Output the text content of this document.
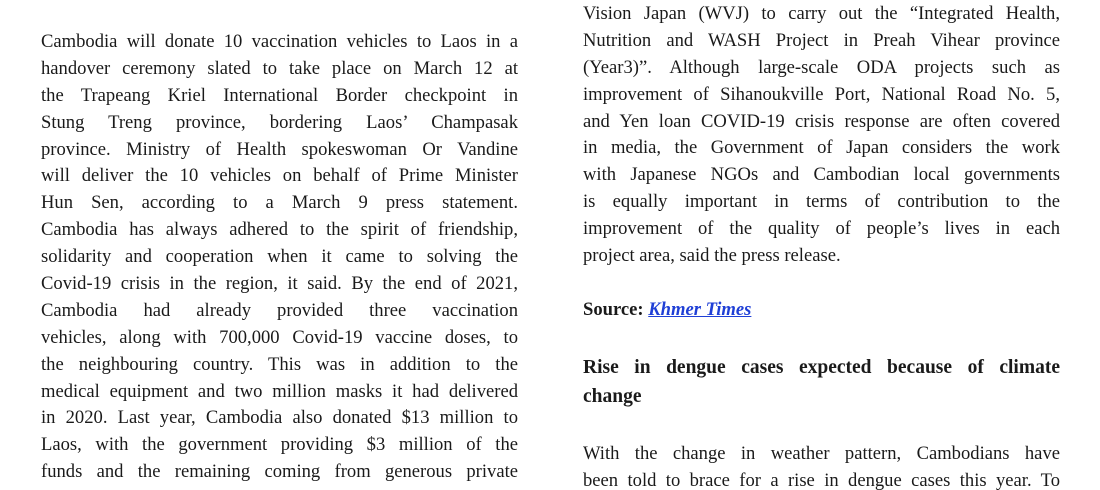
Cambodia will donate 10 vaccination vehicles to Laos in a
handover ceremony slated to take place on March 12 at
the Trapeang Kriel International Border checkpoint in
Stung Treng province, bordering Laos’ Champasak
province. Ministry of Health spokeswoman Or Vandine
will deliver the 10 vehicles on behalf of Prime Minister
Hun Sen, according to a March 9 press statement.
Cambodia has always adhered to the spirit of friendship,
solidarity and cooperation when it came to solving the
Covid-19 crisis in the region, it said. By the end of 2021,
Cambodia had already provided three vaccination
vehicles, along with 700,000 Covid-19 vaccine doses, to
the neighbouring country. This was in addition to the
medical equipment and two million masks it had delivered
in 2020. Last year, Cambodia also donated $13 million to
Laos, with the government providing $3 million of the
funds and the remaining coming from generous private
Vision Japan (WVJ) to carry out the “Integrated Health,
Nutrition and WASH Project in Preah Vihear province
(Year3)”. Although large-scale ODA projects such as
improvement of Sihanoukville Port, National Road No. 5,
and Yen loan COVID-19 crisis response are often covered
in media, the Government of Japan considers the work
with Japanese NGOs and Cambodian local governments
is equally important in terms of contribution to the
improvement of the quality of people’s lives in each
project area, said the press release.
Source: Khmer Times
Rise in dengue cases expected because of climate
change
With the change in weather pattern, Cambodians have
been told to brace for a rise in dengue cases this year. To
